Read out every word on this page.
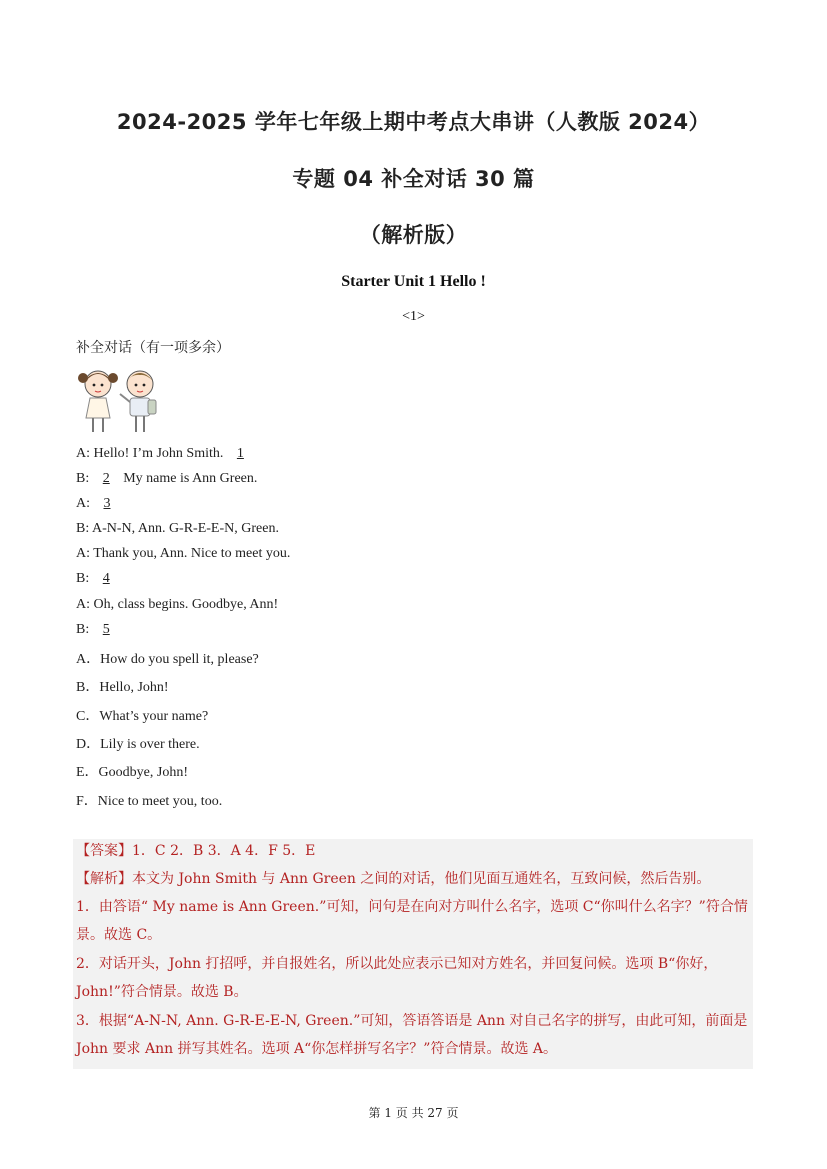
2024-2025 学年七年级上期中考点大串讲（人教版 2024）
专题 04 补全对话 30 篇
（解析版）
Starter Unit 1 Hello !
<1>
补全对话（有一项多余）
A: Hello! I’m John Smith. 1
B: 2 My name is Ann Green.
A: 3
B: A-N-N, Ann. G-R-E-E-N, Green.
A: Thank you, Ann. Nice to meet you.
B: 4
A: Oh, class begins. Goodbye, Ann!
B: 5
A．How do you spell it, please?
B．Hello, John!
C．What’s your name?
D．Lily is over there.
E．Goodbye, John!
F．Nice to meet you, too.
【答案】1．C 2．B 3．A 4．F 5．E
【解析】本文为 John Smith 与 Ann Green 之间的对话，他们见面互通姓名，互致问候，然后告别。
1．由答语“ My name is Ann Green.”可知，问句是在向对方叫什么名字，选项 C“你叫什么名字？”符合情景。故选 C。
2．对话开头，John 打招呼，并自报姓名，所以此处应表示已知对方姓名，并回复问候。选项 B“你好，John!”符合情景。故选 B。
3．根据“A-N-N, Ann. G-R-E-E-N, Green.”可知，答语答语是 Ann 对自己名字的拼写，由此可知，前面是 John 要求 Ann 拼写其姓名。选项 A“你怎样拼写名字？”符合情景。故选 A。
第 1 页 共 27 页
